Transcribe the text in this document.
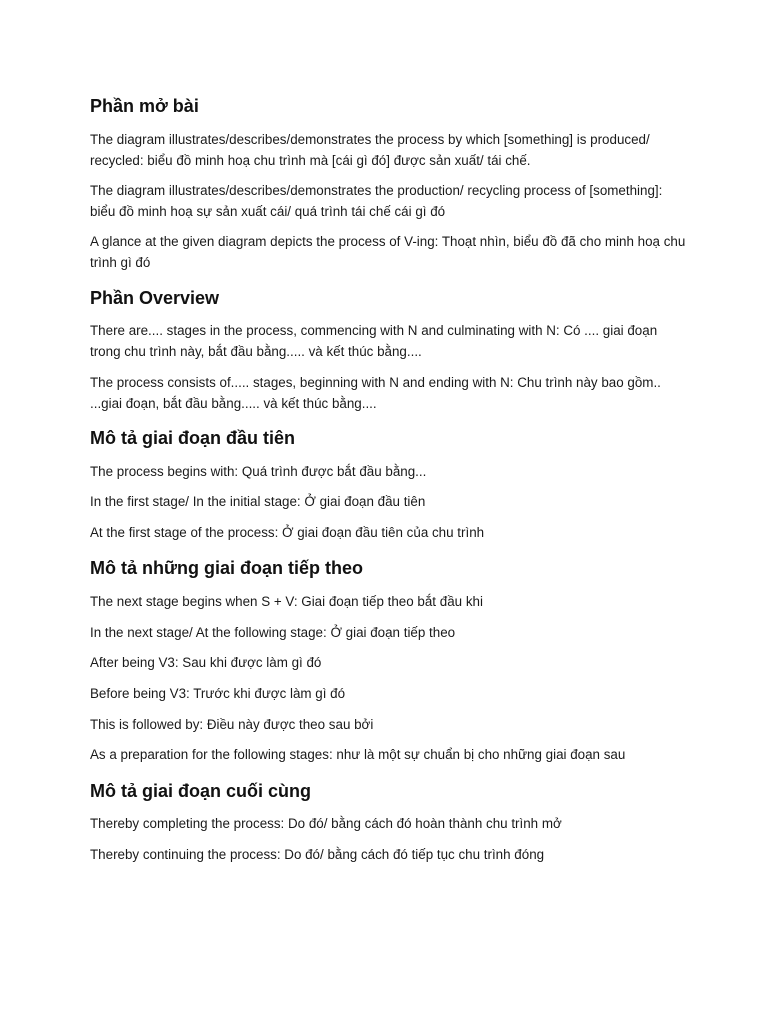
Phần mở bài

The diagram illustrates/describes/demonstrates the process by which [something] is produced/ recycled: biểu đồ minh hoạ chu trình mà [cái gì đó] được sản xuất/ tái chế.

The diagram illustrates/describes/demonstrates the production/ recycling process of [something]: biểu đồ minh hoạ sự sản xuất cái/ quá trình tái chế cái gì đó

A glance at the given diagram depicts the process of V-ing: Thoạt nhìn, biểu đồ đã cho minh hoạ chu trình gì đó

Phần Overview

There are.... stages in the process, commencing with N and culminating with N: Có .... giai đoạn trong chu trình này, bắt đầu bằng..... và kết thúc bằng....

The process consists of..... stages, beginning with N and ending with N: Chu trình này bao gồm.. ...giai đoạn, bắt đầu bằng..... và kết thúc bằng....

Mô tả giai đoạn đầu tiên

The process begins with: Quá trình được bắt đầu bằng...

In the first stage/ In the initial stage: Ở giai đoạn đầu tiên

At the first stage of the process: Ở giai đoạn đầu tiên của chu trình

Mô tả những giai đoạn tiếp theo

The next stage begins when S + V: Giai đoạn tiếp theo bắt đầu khi

In the next stage/ At the following stage: Ở giai đoạn tiếp theo

After being V3: Sau khi được làm gì đó

Before being V3: Trước khi được làm gì đó

This is followed by: Điều này được theo sau bởi

As a preparation for the following stages: như là một sự chuẩn bị cho những giai đoạn sau

Mô tả giai đoạn cuối cùng

Thereby completing the process: Do đó/ bằng cách đó hoàn thành chu trình mở

Thereby continuing the process: Do đó/ bằng cách đó tiếp tục chu trình đóng
